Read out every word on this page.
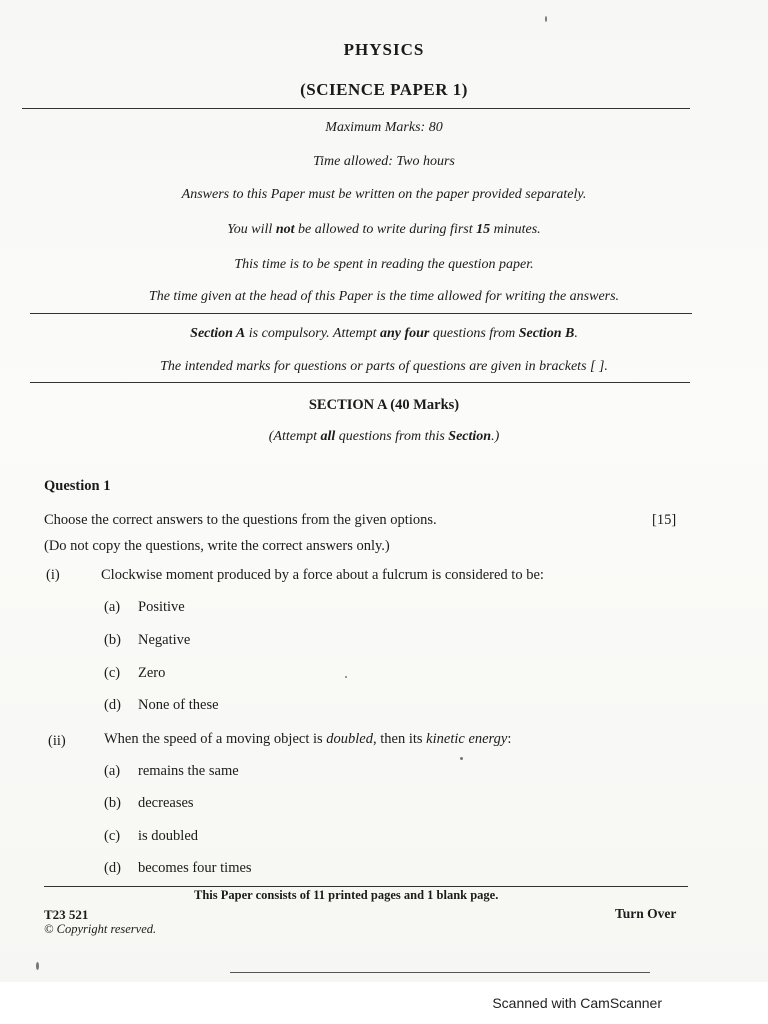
PHYSICS
(SCIENCE PAPER 1)
Maximum Marks: 80
Time allowed: Two hours
Answers to this Paper must be written on the paper provided separately.
You will not be allowed to write during first 15 minutes.
This time is to be spent in reading the question paper.
The time given at the head of this Paper is the time allowed for writing the answers.
Section A is compulsory. Attempt any four questions from Section B.
The intended marks for questions or parts of questions are given in brackets [ ].
SECTION A (40 Marks)
(Attempt all questions from this Section.)
Question 1
Choose the correct answers to the questions from the given options.	[15]
(Do not copy the questions, write the correct answers only.)
(i)	Clockwise moment produced by a force about a fulcrum is considered to be:
(a) Positive
(b) Negative
(c) Zero
(d) None of these
(ii)	When the speed of a moving object is doubled, then its kinetic energy:
(a) remains the same
(b) decreases
(c) is doubled
(d) becomes four times
This Paper consists of 11 printed pages and 1 blank page.
T23 521	Turn Over
© Copyright reserved.
Scanned with CamScanner
